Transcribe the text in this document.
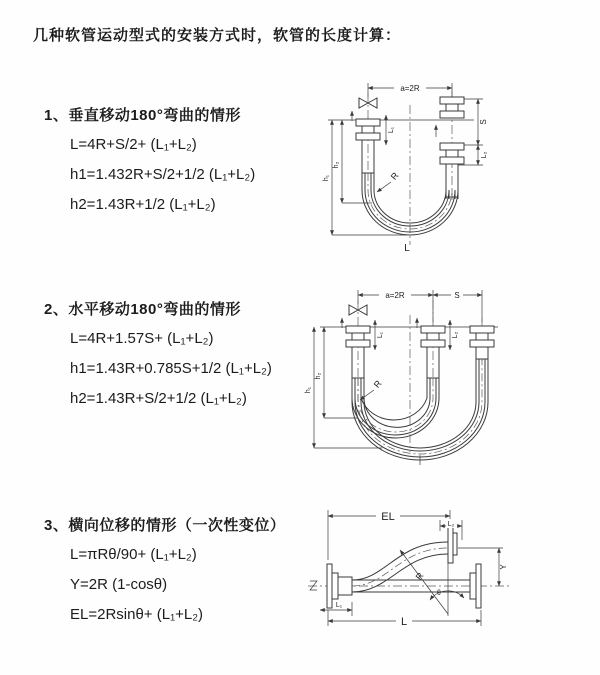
几种软管运动型式的安装方式时，软管的长度计算：
1、垂直移动180°弯曲的情形
L=4R+S/2+ (L₁+L₂)
h1=1.432R+S/2+1/2 (L₁+L₂)
h2=1.43R+1/2 (L₁+L₂)
2、水平移动180°弯曲的情形
L=4R+1.57S+ (L₁+L₂)
h1=1.43R+0.785S+1/2 (L₁+L₂)
h2=1.43R+S/2+1/2 (L₁+L₂)
3、横向位移的情形（一次性变位）
L=πRθ/90+ (L₁+L₂)
Y=2R (1-cosθ)
EL=2Rsinθ+ (L₁+L₂)
a=2R
L₁
S
L₂
h₁
h₂
R
L
a=2R	S
L₁	L₂
h₁
h₂
R
EL
L₂
Y
θ
R
L
L₁
